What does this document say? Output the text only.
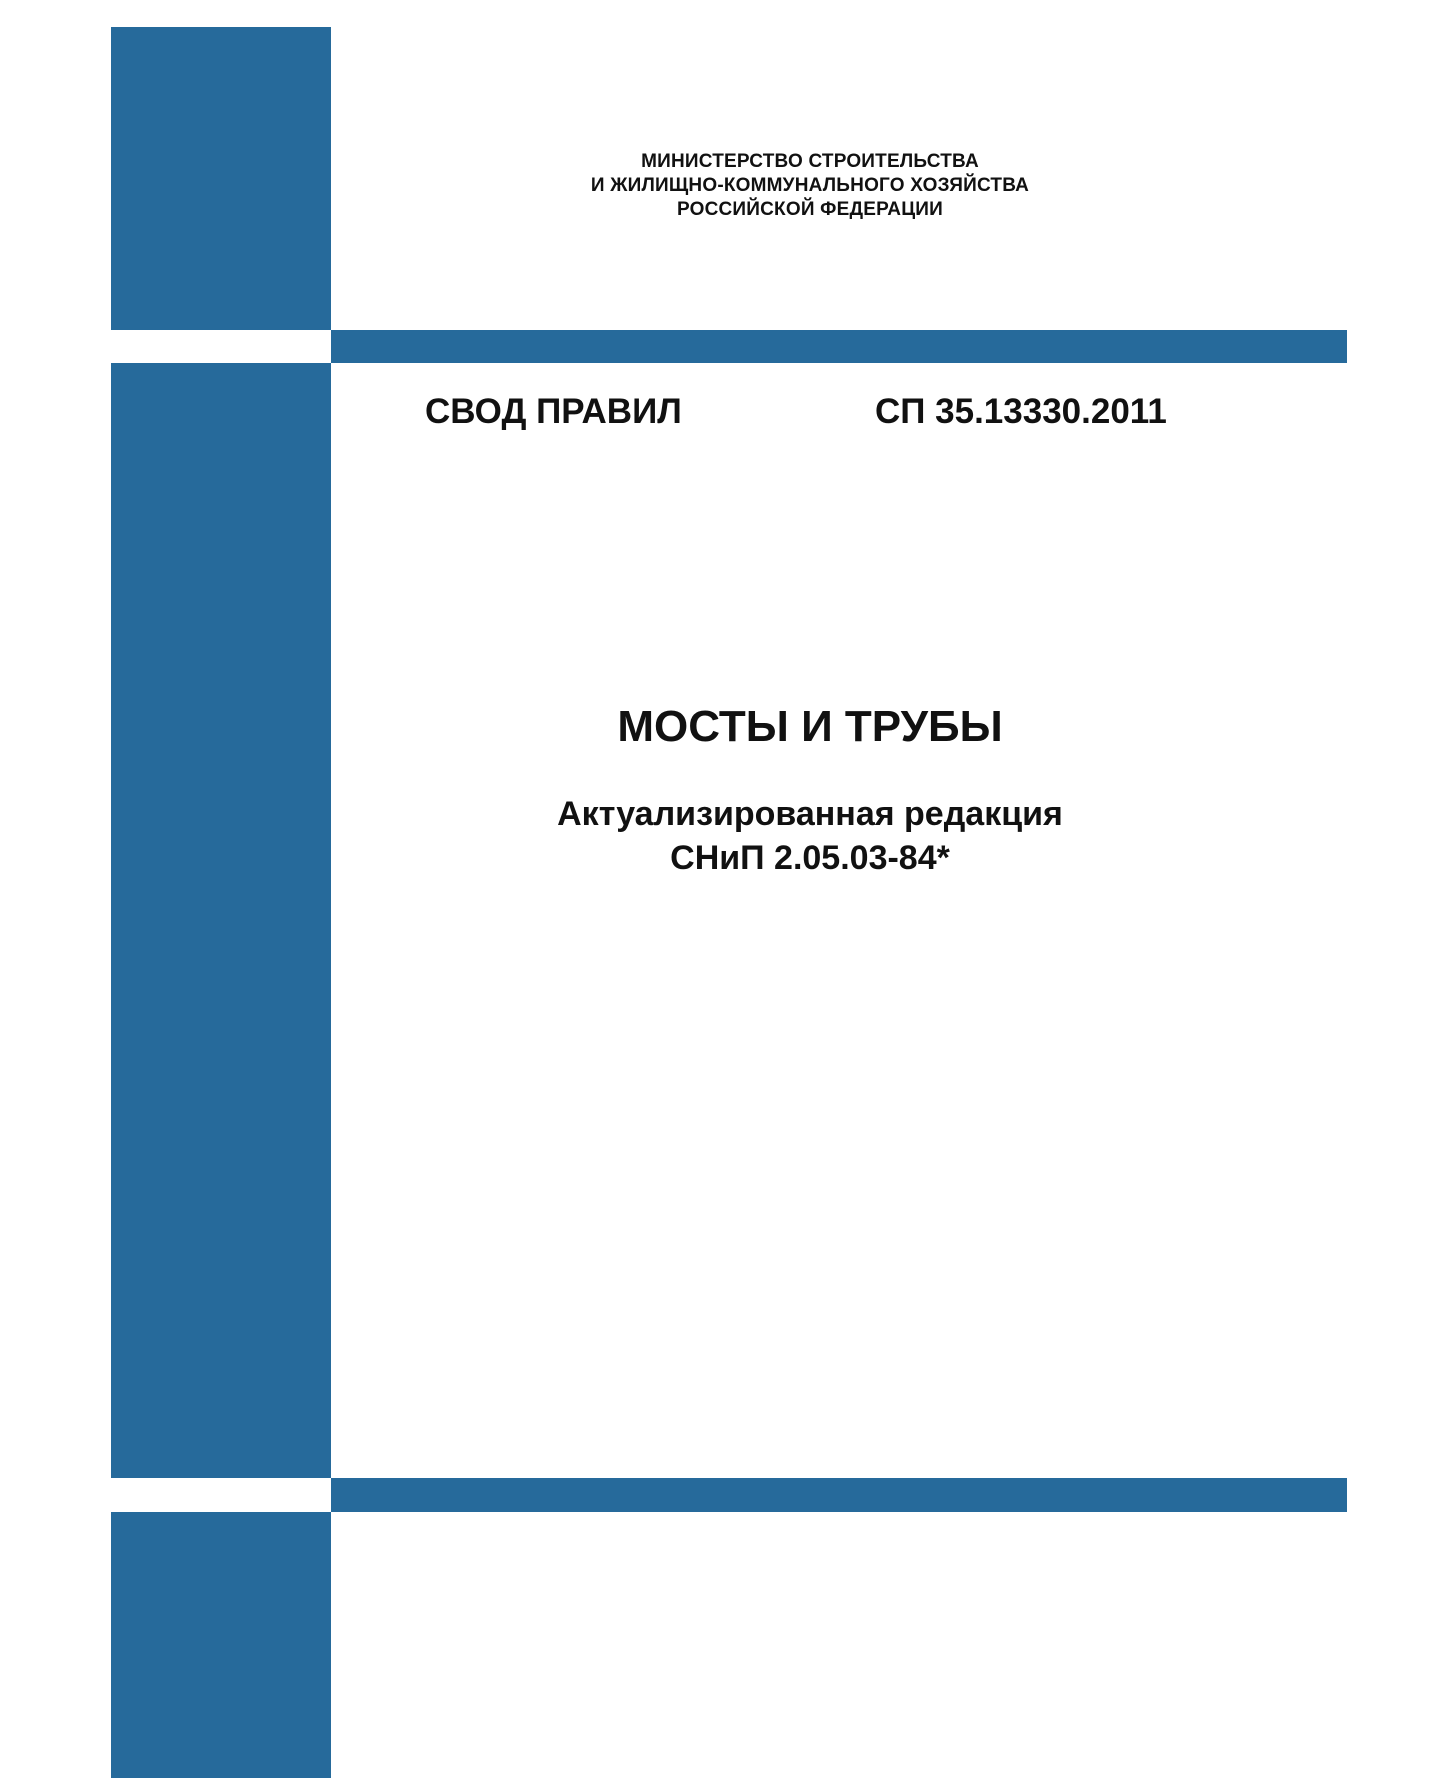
МИНИСТЕРСТВО СТРОИТЕЛЬСТВА
И ЖИЛИЩНО-КОММУНАЛЬНОГО ХОЗЯЙСТВА
РОССИЙСКОЙ ФЕДЕРАЦИИ
СВОД ПРАВИЛ	СП 35.13330.2011
МОСТЫ И ТРУБЫ
Актуализированная редакция
СНиП 2.05.03-84*
